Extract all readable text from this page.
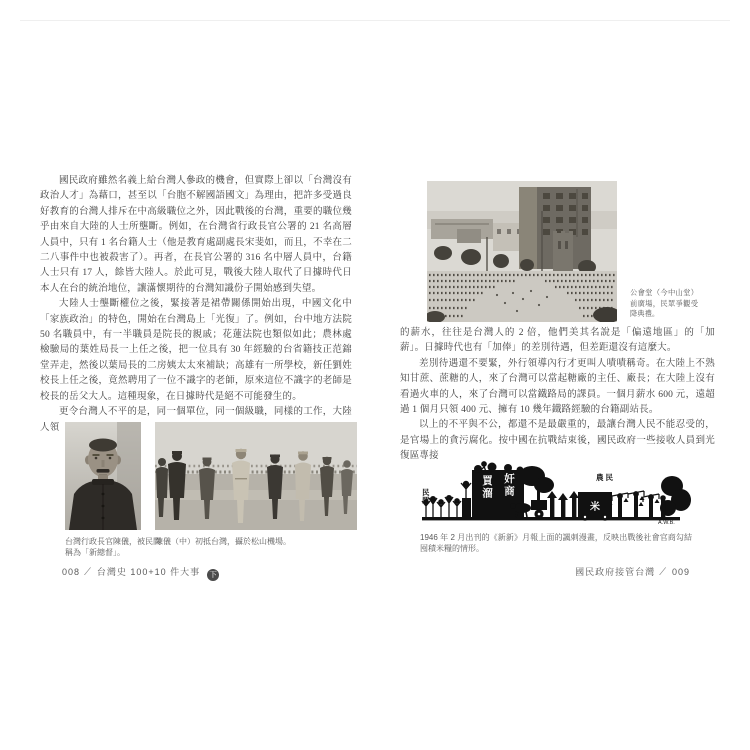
國民政府雖然名義上給台灣人參政的機會，但實際上卻以「台灣沒有政治人才」為藉口，甚至以「台胞不解國語國文」為理由，把許多受過良好教育的台灣人排斥在中高級職位之外，因此戰後的台灣，重要的職位幾乎由來自大陸的人士所壟斷。例如，在台灣省行政長官公署的 21 名高層人員中，只有 1 名台籍人士（他是教育處副處長宋斐如，而且，不幸在二二八事件中也被殺害了）。再者，在長官公署的 316 名中層人員中，台籍人士只有 17 人，餘皆大陸人。於此可見，戰後大陸人取代了日據時代日本人在台的統治地位，讓滿懷期待的台灣知識份子開始感到失望。

大陸人士壟斷權位之後，緊接著是裙帶關係開始出現，中國文化中「家族政治」的特色，開始在台灣島上「光復」了。例如，台中地方法院 50 名職員中，有一半職員是院長的親戚；花蓮法院也類似如此；農林處檢驗局的葉姓局長一上任之後，把一位具有 30 年經驗的台省籍技正范錦堂弄走，然後以葉局長的二房姨太太來補缺；高雄有一所學校，新任劉姓校長上任之後，竟然聘用了一位不識字的老師，原來這位不識字的老師是校長的岳父大人。這種現象，在日據時代是絕不可能發生的。

更令台灣人不平的是，同一個單位，同一個級職，同樣的工作，大陸人領

台灣行政長官陳儀，被民間稱為「新總督」。
陳儀（中）初抵台灣，攝於松山機場。
008 ∕ 台灣史 100+10 件大事 下
公會堂（今中山堂）前廣場，民眾爭觀受降典禮。

的薪水，往往是台灣人的 2 倍，他們美其名說是「偏遠地區」的「加薪」。日據時代也有「加俸」的差別待遇，但差距還沒有這麼大。

差別待遇還不要緊，外行領導內行才更叫人嘖嘖稱奇。在大陸上不熟知甘蔗、蔗糖的人，來了台灣可以當起糖廠的主任、廠長；在大陸上沒有看過火車的人，來了台灣可以當鐵路局的課員。一個月薪水 600 元，遠超過 1 個月只領 400 元、擁有 10 幾年鐵路經驗的台籍副站長。

以上的不平與不公，都還不是最嚴重的，最讓台灣人民不能忍受的，是官場上的貪污腐化。按中國在抗戰結束後，國民政府一些接收人員到光復區專接

民眾
買溜 奸商
米
農民
A.W.B.
1946 年 2 月出刊的《新新》月報上面的諷刺漫畫，反映出戰後社會官商勾結囤積米糧的情形。
國民政府接管台灣 ∕ 009
